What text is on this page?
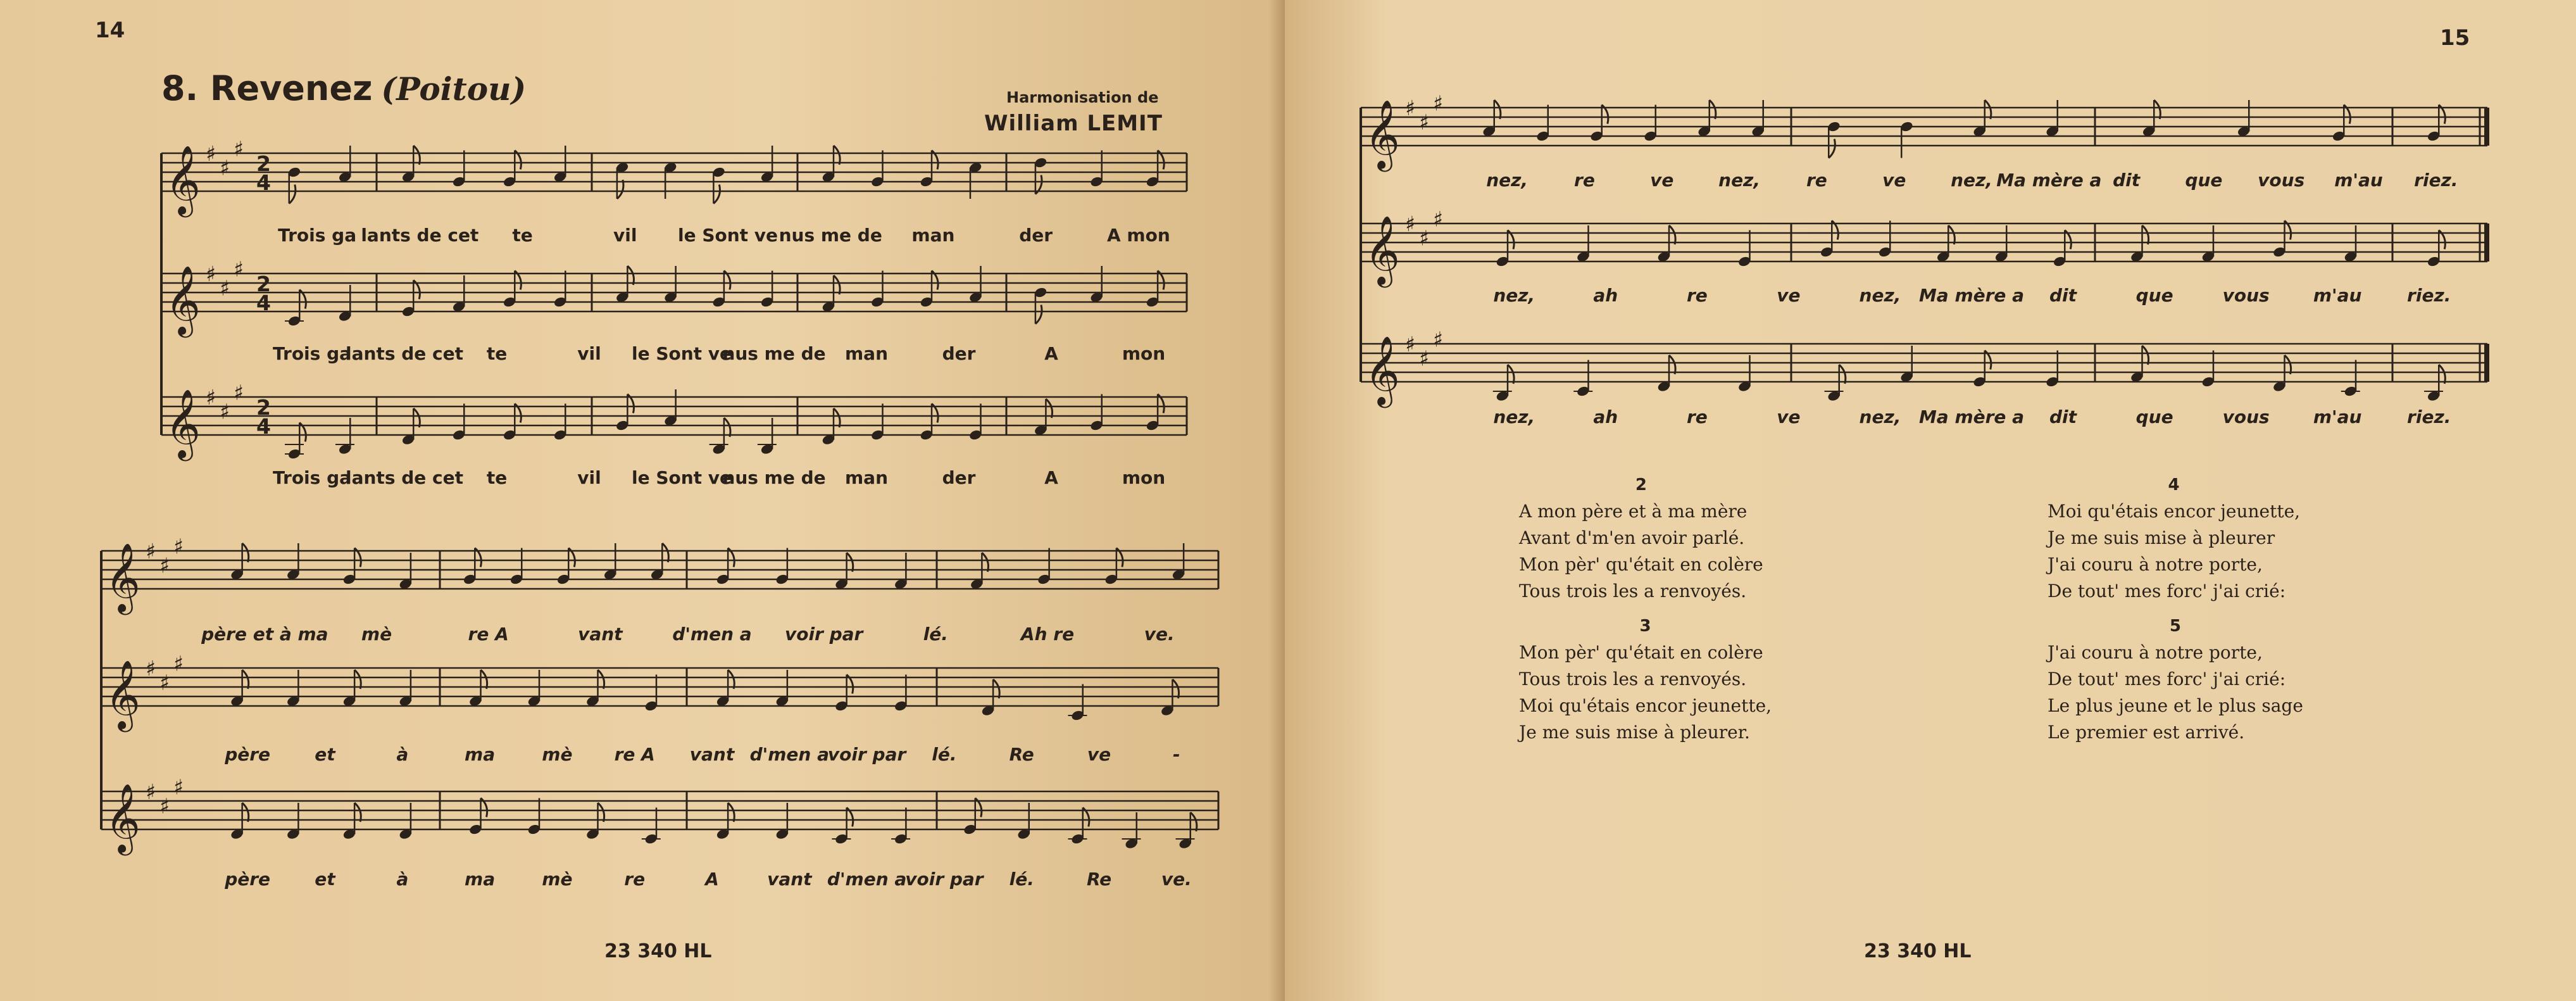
14
8. Revenez (Poitou)	Harmonisation de
William LEMIT
𝄞 ♯
♯
♯
2
4
𝄞 ♯
♯
♯
2
4
𝄞 ♯
♯
♯
2
4
Trois ga lants de cet te	vil le Sont ve nus me de man	der	A mon
Trois ga
lants de cet te	vil le Sont ve
nus me de man	der	A	mon
Trois ga
lants de cet te	vil le Sont ve
nus me de man	der	A	mon
𝄞 ♯
♯
♯
𝄞 ♯
♯
♯
𝄞 ♯
♯
♯
père et à ma mè	re A	vant	d'men a voir par	lé.	Ah re	ve.
père	et	à	ma	mè re A vant d'men a
voir par lé.	Re	ve	-
père	et	à	ma	mè	re	A	vant d'men a
voir par lé.	Re	ve.
23 340 HL
15
𝄞 ♯
♯
♯
𝄞 ♯
♯
♯
𝄞 ♯
♯
♯
nez,	re	ve	nez,	re	ve	nez, Ma mère a dit	que vous m'au riez.
nez,	ah	re	ve	nez, Ma mère a dit	que	vous m'au	riez.
nez,	ah	re	ve	nez, Ma mère a dit	que	vous m'au	riez.
2
A mon père et à ma mère
Avant d'm'en avoir parlé.
Mon pèr' qu'était en colère
Tous trois les a renvoyés.
3
Mon pèr' qu'était en colère
Tous trois les a renvoyés.
Moi qu'étais encor jeunette,
Je me suis mise à pleurer.
4
Moi qu'étais encor jeunette,
Je me suis mise à pleurer
J'ai couru à notre porte,
De tout' mes forc' j'ai crié:
5
J'ai couru à notre porte,
De tout' mes forc' j'ai crié:
Le plus jeune et le plus sage
Le premier est arrivé.
23 340 HL
